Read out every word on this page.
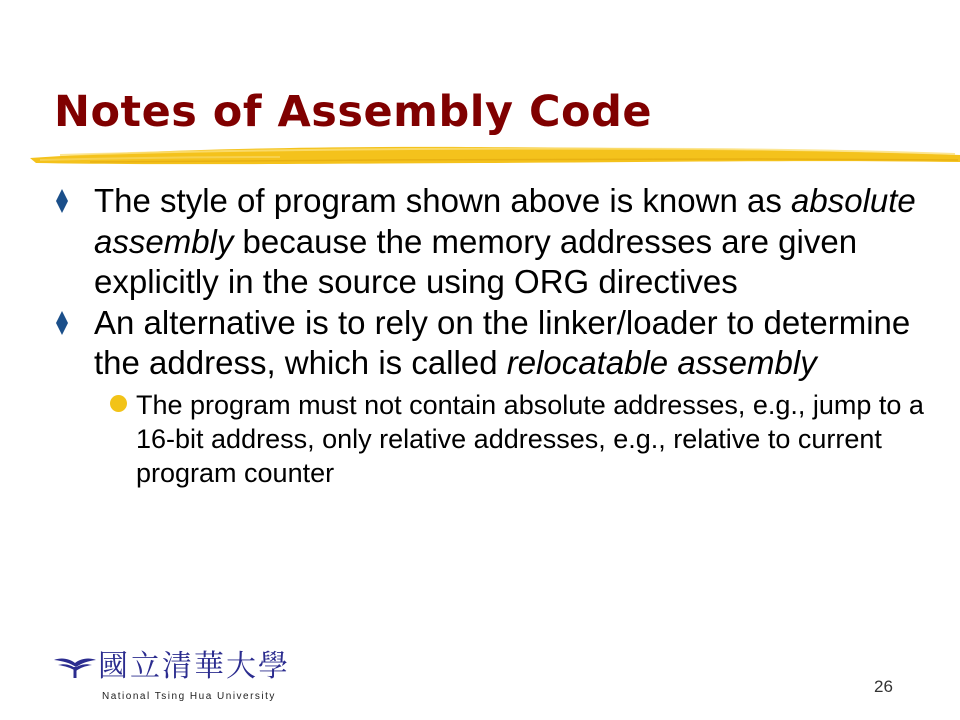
Notes of Assembly Code

The style of program shown above is known as absolute assembly because the memory addresses are given explicitly in the source using ORG directives

An alternative is to rely on the linker/loader to determine the address, which is called relocatable assembly

The program must not contain absolute addresses, e.g., jump to a 16-bit address, only relative addresses, e.g., relative to current program counter

國立清華大學
National Tsing Hua University
26
